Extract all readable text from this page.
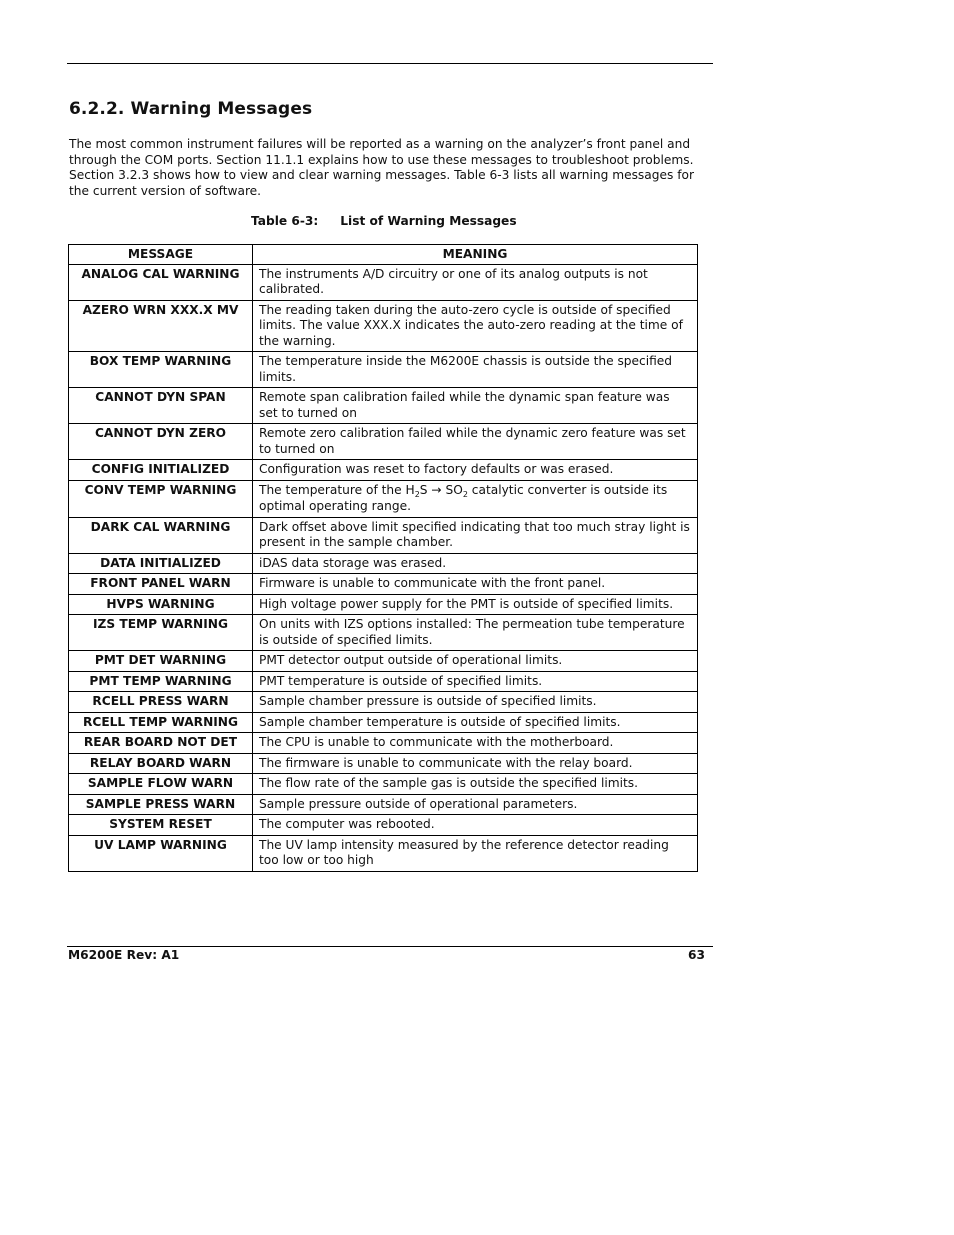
6.2.2. Warning Messages

The most common instrument failures will be reported as a warning on the analyzer’s front panel and through the COM ports. Section 11.1.1 explains how to use these messages to troubleshoot problems. Section 3.2.3 shows how to view and clear warning messages. Table 6-3 lists all warning messages for the current version of software.

Table 6-3: List of Warning Messages

MESSAGE	MEANING
ANALOG CAL WARNING	The instruments A/D circuitry or one of its analog outputs is not calibrated.
AZERO WRN XXX.X MV	The reading taken during the auto-zero cycle is outside of specified limits. The value XXX.X indicates the auto-zero reading at the time of the warning.
BOX TEMP WARNING	The temperature inside the M6200E chassis is outside the specified limits.
CANNOT DYN SPAN	Remote span calibration failed while the dynamic span feature was set to turned on
CANNOT DYN ZERO	Remote zero calibration failed while the dynamic zero feature was set to turned on
CONFIG INITIALIZED	Configuration was reset to factory defaults or was erased.
CONV TEMP WARNING	The temperature of the $H_2S \to SO_2$ catalytic converter is outside its optimal operating range.
DARK CAL WARNING	Dark offset above limit specified indicating that too much stray light is present in the sample chamber.
DATA INITIALIZED	iDAS data storage was erased.
FRONT PANEL WARN	Firmware is unable to communicate with the front panel.
HVPS WARNING	High voltage power supply for the PMT is outside of specified limits.
IZS TEMP WARNING	On units with IZS options installed: The permeation tube temperature is outside of specified limits.
PMT DET WARNING	PMT detector output outside of operational limits.
PMT TEMP WARNING	PMT temperature is outside of specified limits.
RCELL PRESS WARN	Sample chamber pressure is outside of specified limits.
RCELL TEMP WARNING	Sample chamber temperature is outside of specified limits.
REAR BOARD NOT DET	The CPU is unable to communicate with the motherboard.
RELAY BOARD WARN	The firmware is unable to communicate with the relay board.
SAMPLE FLOW WARN	The flow rate of the sample gas is outside the specified limits.
SAMPLE PRESS WARN	Sample pressure outside of operational parameters.
SYSTEM RESET	The computer was rebooted.
UV LAMP WARNING	The UV lamp intensity measured by the reference detector reading too low or too high
M6200E Rev: A1	63
